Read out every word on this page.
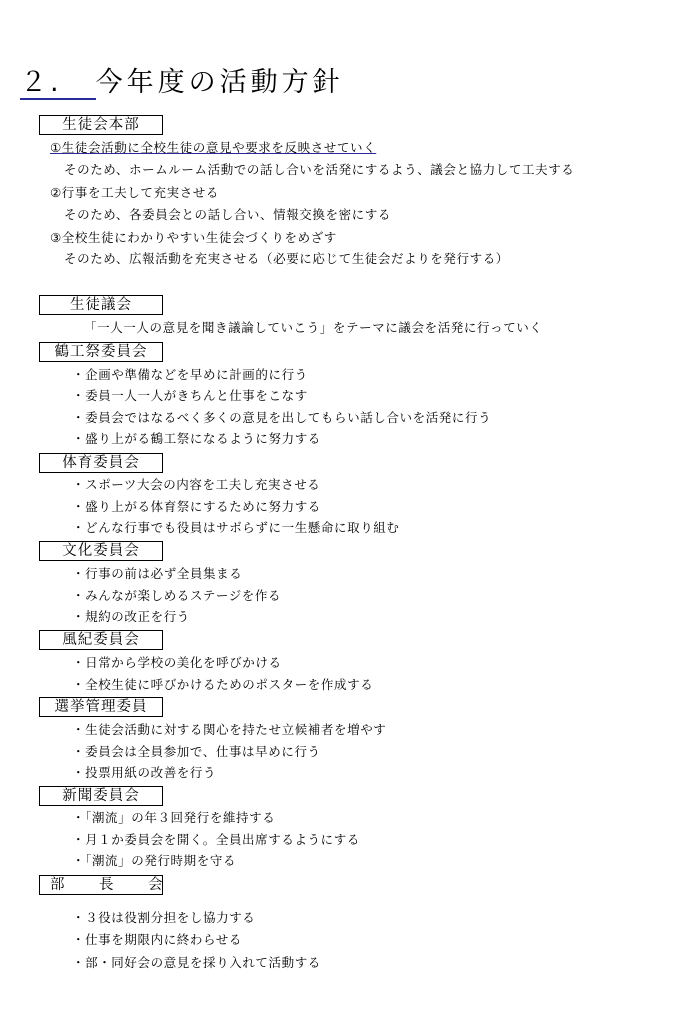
２. 今年度の活動方針
生徒会本部
①生徒会活動に全校生徒の意見や要求を反映させていく
そのため、ホームルーム活動での話し合いを活発にするよう、議会と協力して工夫する
②行事を工夫して充実させる
そのため、各委員会との話し合い、情報交換を密にする
③全校生徒にわかりやすい生徒会づくりをめざす
そのため、広報活動を充実させる（必要に応じて生徒会だよりを発行する）
生徒議会
「一人一人の意見を聞き議論していこう」をテーマに議会を活発に行っていく
鶴工祭委員会
・企画や準備などを早めに計画的に行う
・委員一人一人がきちんと仕事をこなす
・委員会ではなるべく多くの意見を出してもらい話し合いを活発に行う
・盛り上がる鶴工祭になるように努力する
体育委員会
・スポーツ大会の内容を工夫し充実させる
・盛り上がる体育祭にするために努力する
・どんな行事でも役員はサボらずに一生懸命に取り組む
文化委員会
・行事の前は必ず全員集まる
・みんなが楽しめるステージを作る
・規約の改正を行う
風紀委員会
・日常から学校の美化を呼びかける
・全校生徒に呼びかけるためのポスターを作成する
選挙管理委員
・生徒会活動に対する関心を持たせ立候補者を増やす
・委員会は全員参加で、仕事は早めに行う
・投票用紙の改善を行う
新聞委員会
・「潮流」の年３回発行を維持する
・月１か委員会を開く。全員出席するようにする
・「潮流」の発行時期を守る
部　長　会
・３役は役割分担をし協力する
・仕事を期限内に終わらせる
・部・同好会の意見を採り入れて活動する
